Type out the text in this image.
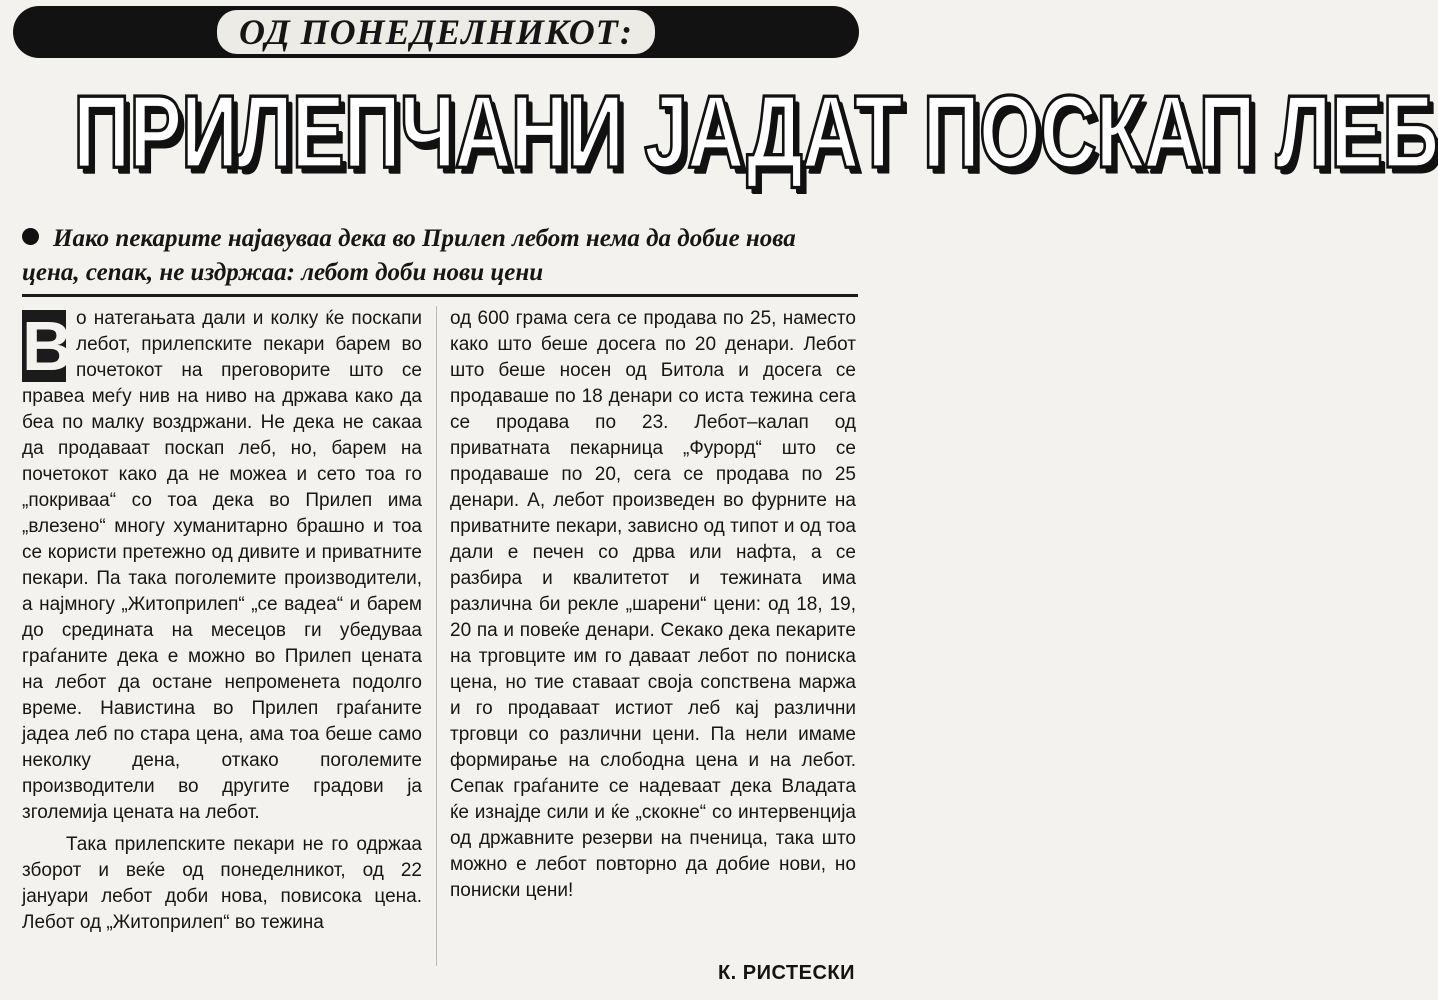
ОД ПОНЕДЕЛНИКОТ:
ПРИЛЕПЧАНИ ЈАДАТ ПОСКАП ЛЕБ
Иако пекарите најавуваа дека во Прилеп лебот нема да добие нова цена, сепак, не издржаа: лебот доби нови цени

В о натегањата дали и колку ќе поскапи лебот, прилепските пекари барем во почетокот на преговорите што се правеа меѓу нив на ниво на држава како да беа по малку воздржани. Не дека не сакаа да продаваат поскап леб, но, барем на почетокот како да не можеа и сето тоа го „покриваа“ со тоа дека во Прилеп има „влезено“ многу хуманитарно брашно и тоа се користи претежно од дивите и приватните пекари. Па така поголемите производители, а најмногу „Житоприлеп“ „се вадеа“ и барем до средината на месецов ги убедуваа граѓаните дека е можно во Прилеп цената на лебот да остане непроменета подолго време. Навистина во Прилеп граѓаните јадеа леб по стара цена, ама тоа беше само неколку дена, откако поголемите производители во другите градови ја зголемија цената на лебот.

Така прилепските пекари не го одржаа зборот и веќе од понеделникот, од 22 јануари лебот доби нова, повисока цена. Лебот од „Житоприлеп“ во тежина

од 600 грама сега се продава по 25, наместо како што беше досега по 20 денари. Лебот што беше носен од Битола и досега се продаваше по 18 денари со иста тежина сега се продава по 23. Лебот–калап од приватната пекарница „Фурорд“ што се продаваше по 20, сега се продава по 25 денари. А, лебот произведен во фурните на приватните пекари, зависно од типот и од тоа дали е печен со дрва или нафта, а се разбира и квалитетот и тежината има различна би рекле „шарени“ цени: од 18, 19, 20 па и повеќе денари. Секако дека пекарите на трговците им го даваат лебот по пониска цена, но тие ставаат своја сопствена маржа и го продаваат истиот леб кај различни трговци со различни цени. Па нели имаме формирање на слободна цена и на лебот. Сепак граѓаните се надеваат дека Владата ќе изнајде сили и ќе „скокне“ со интервенција од државните резерви на пченица, така што можно е лебот повторно да добие нови, но пониски цени!

К. РИСТЕСКИ
